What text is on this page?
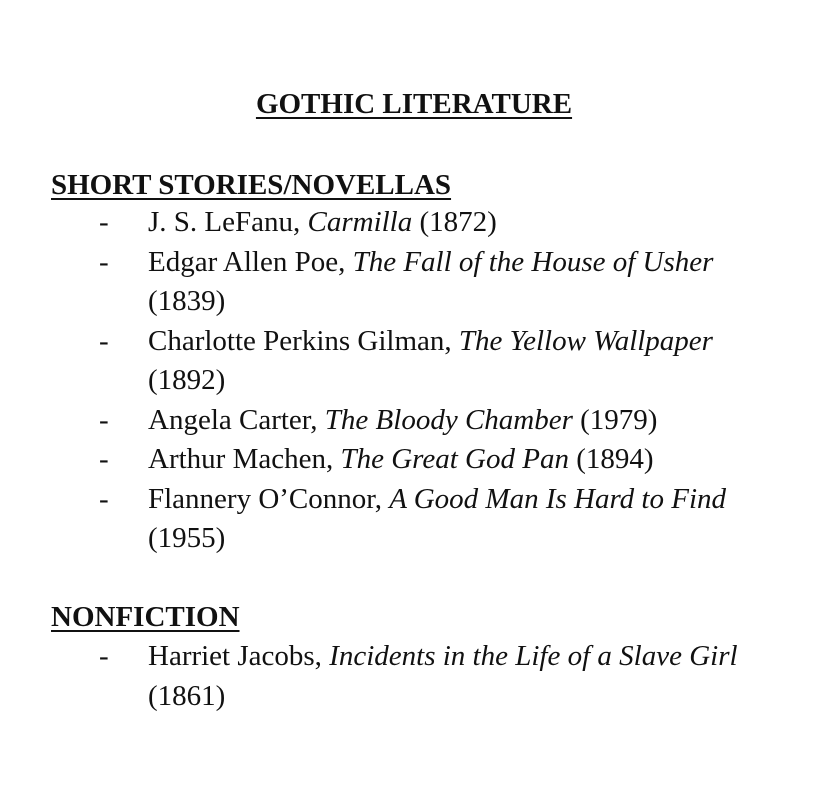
GOTHIC LITERATURE
SHORT STORIES/NOVELLAS
- J. S. LeFanu, Carmilla (1872)
- Edgar Allen Poe, The Fall of the House of Usher (1839)
- Charlotte Perkins Gilman, The Yellow Wallpaper (1892)
- Angela Carter, The Bloody Chamber (1979)
- Arthur Machen, The Great God Pan (1894)
- Flannery O’Connor, A Good Man Is Hard to Find (1955)
NONFICTION
- Harriet Jacobs, Incidents in the Life of a Slave Girl (1861)
